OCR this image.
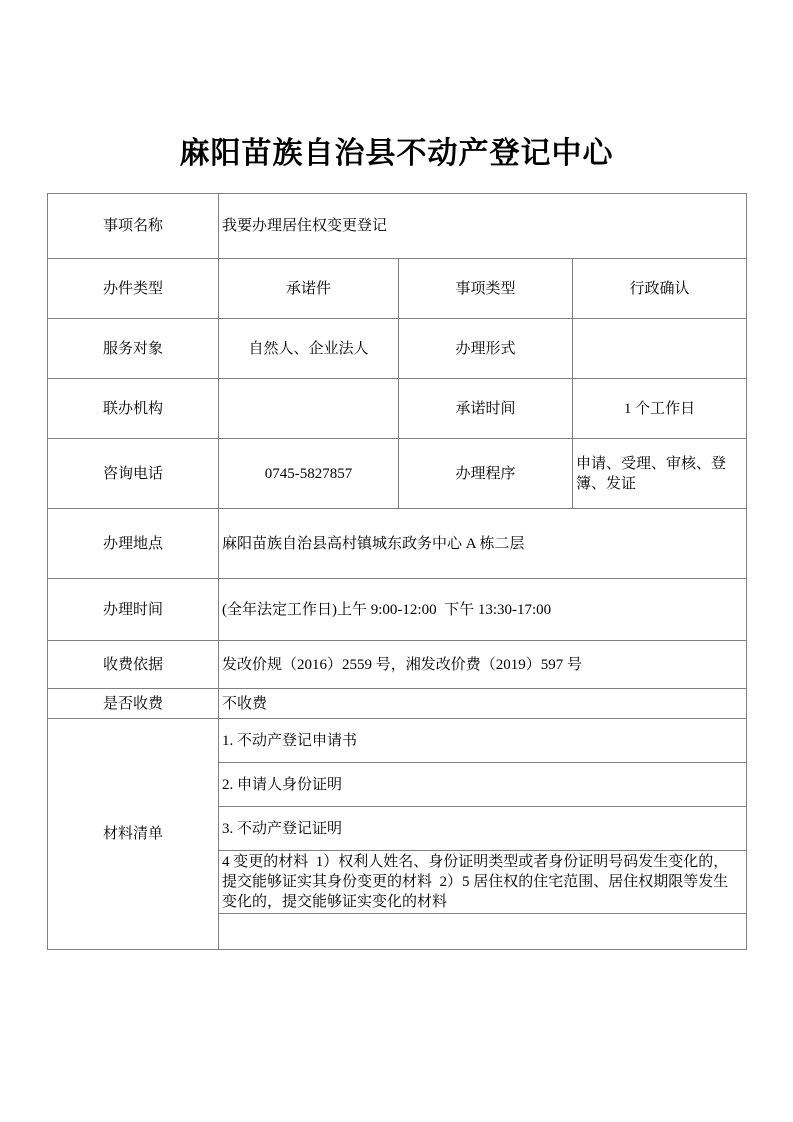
麻阳苗族自治县不动产登记中心
事项名称	我要办理居住权变更登记		
办件类型	承诺件	事项类型	行政确认
服务对象	自然人、企业法人	办理形式	
联办机构		承诺时间	1 个工作日
咨询电话	0745-5827857	办理程序	申请、受理、审核、登簿、发证
办理地点	麻阳苗族自治县高村镇城东政务中心 A 栋二层		
办理时间	(全年法定工作日)上午 9:00-12:00  下午 13:30-17:00		
收费依据	发改价规（2016）2559 号，湘发改价费（2019）597 号		
是否收费	不收费		
材料清单	1. 不动产登记申请书		
	2. 申请人身份证明		
	3. 不动产登记证明		
	4 变更的材料  1）权利人姓名、身份证明类型或者身份证明号码发生变化的，提交能够证实其身份变更的材料  2）5 居住权的住宅范围、居住权期限等发生变化的，提交能够证实变化的材料		
